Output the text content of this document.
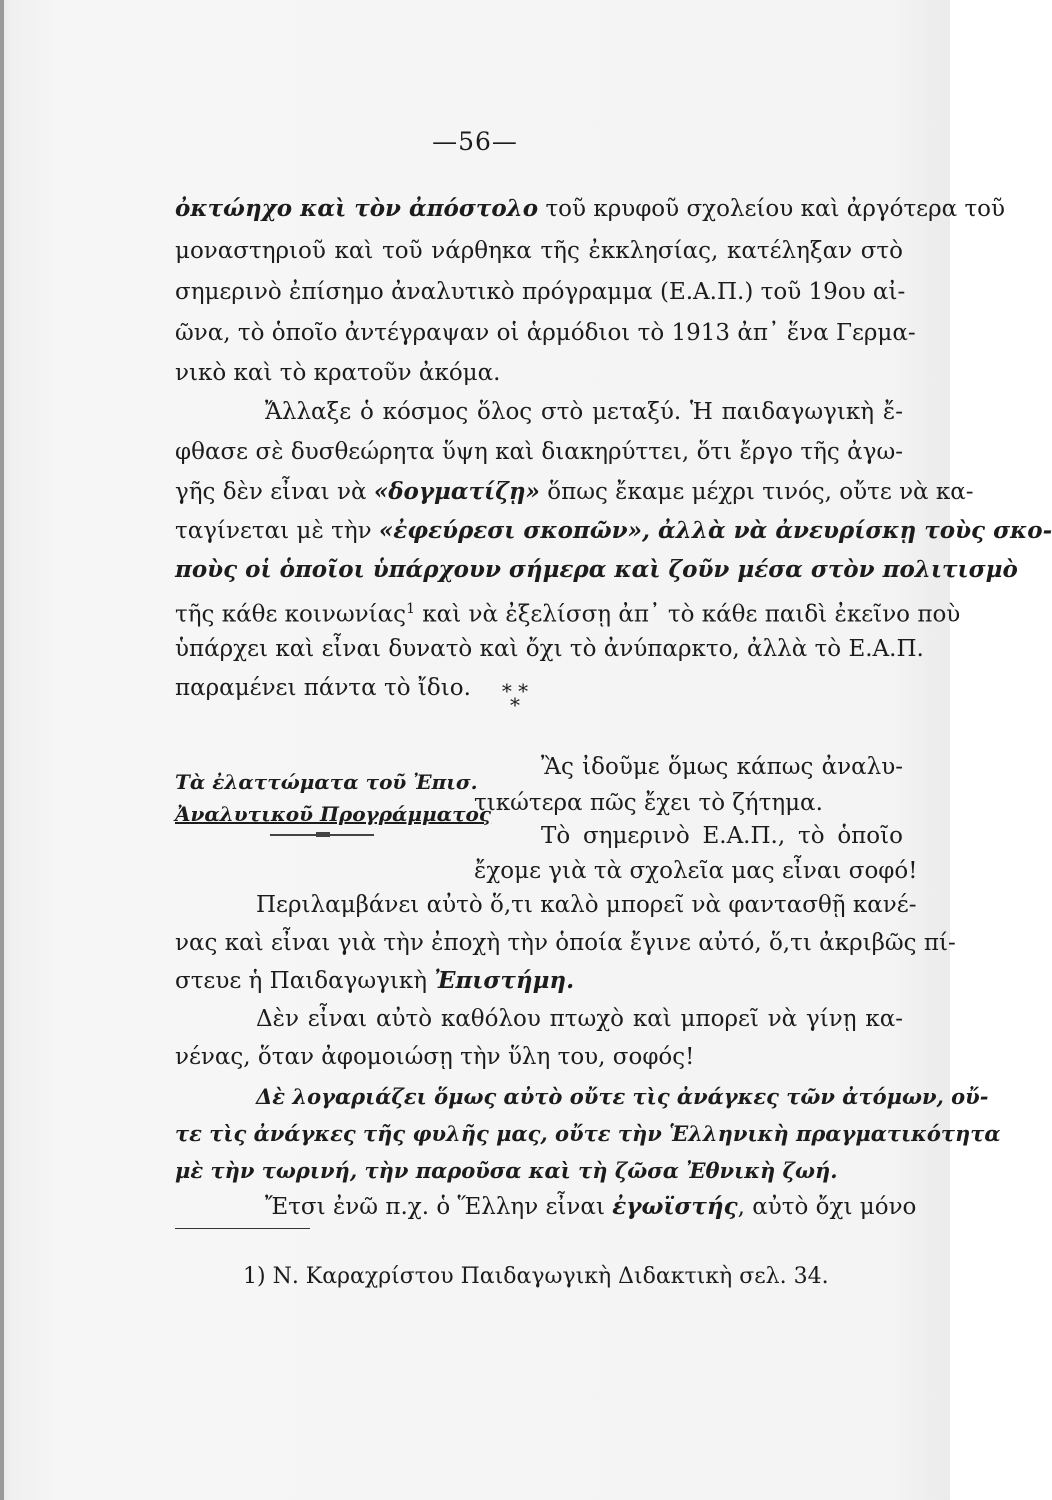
—56—
ὀκτώηχο καὶ τὸν ἀπόστολο τοῦ κρυφοῦ σχολείου καὶ ἀργότερα τοῦ
μοναστηριοῦ καὶ τοῦ νάρθηκα τῆς ἐκκλησίας, κατέληξαν στὸ
σημερινὸ ἐπίσημο ἀναλυτικὸ πρόγραμμα (Ε.Α.Π.) τοῦ 19ου αἰ-
ῶνα, τὸ ὁποῖο ἀντέγραψαν οἱ ἁρμόδιοι τὸ 1913 ἀπ᾿ ἕνα Γερμα-
νικὸ καὶ τὸ κρατοῦν ἀκόμα.
Ἄλλαξε ὁ κόσμος ὅλος στὸ μεταξύ. Ἡ παιδαγωγικὴ ἔ-
φθασε σὲ δυσθεώρητα ὕψη καὶ διακηρύττει, ὅτι ἔργο τῆς ἀγω-
γῆς δὲν εἶναι νὰ «δογματίζῃ» ὅπως ἔκαμε μέχρι τινός, οὔτε νὰ κα-
ταγίνεται μὲ τὴν «ἐφεύρεσι σκοπῶν», ἀλλὰ νὰ ἀνευρίσκῃ τοὺς σκο-
ποὺς οἱ ὁποῖοι ὑπάρχουν σήμερα καὶ ζοῦν μέσα στὸν πολιτισμὸ
τῆς κάθε κοινωνίας$^1$ καὶ νὰ ἐξελίσσῃ ἀπ᾿ τὸ κάθε παιδὶ ἐκεῖνο ποὺ
ὑπάρχει καὶ εἶναι δυνατὸ καὶ ὄχι τὸ ἀνύπαρκτο, ἀλλὰ τὸ Ε.Α.Π.
παραμένει πάντα τὸ ἴδιο.	* *
*
Τὰ ἐλαττώματα τοῦ Ἐπισ.
Ἀναλυτικοῦ Προγράμματος
Ἂς ἰδοῦμε ὅμως κάπως ἀναλυ-
τικώτερα πῶς ἔχει τὸ ζήτημα.
Τὸ σημερινὸ Ε.Α.Π., τὸ ὁποῖο
ἔχομε γιὰ τὰ σχολεῖα μας εἶναι σοφό!
Περιλαμβάνει αὐτὸ ὅ,τι καλὸ μπορεῖ νὰ φαντασθῇ κανέ-
νας καὶ εἶναι γιὰ τὴν ἐποχὴ τὴν ὁποία ἔγινε αὐτό, ὅ,τι ἀκριβῶς πί-
στευε ἡ Παιδαγωγικὴ Ἐπιστήμη.
Δὲν εἶναι αὐτὸ καθόλου πτωχὸ καὶ μπορεῖ νὰ γίνῃ κα-
νένας, ὅταν ἀφομοιώσῃ τὴν ὕλη του, σοφός!
Δὲ λογαριάζει ὅμως αὐτὸ οὔτε τὶς ἀνάγκες τῶν ἀτόμων, οὔ-
τε τὶς ἀνάγκες τῆς φυλῆς μας, οὔτε τὴν Ἑλληνικὴ πραγματικότητα
μὲ τὴν τωρινή, τὴν παροῦσα καὶ τὴ ζῶσα Ἐθνικὴ ζωή.
Ἔτσι ἐνῶ π.χ. ὁ Ἕλλην εἶναι ἐγωϊστής, αὐτὸ ὄχι μόνο
1) Ν. Καραχρίστου Παιδαγωγικὴ Διδακτικὴ σελ. 34.
